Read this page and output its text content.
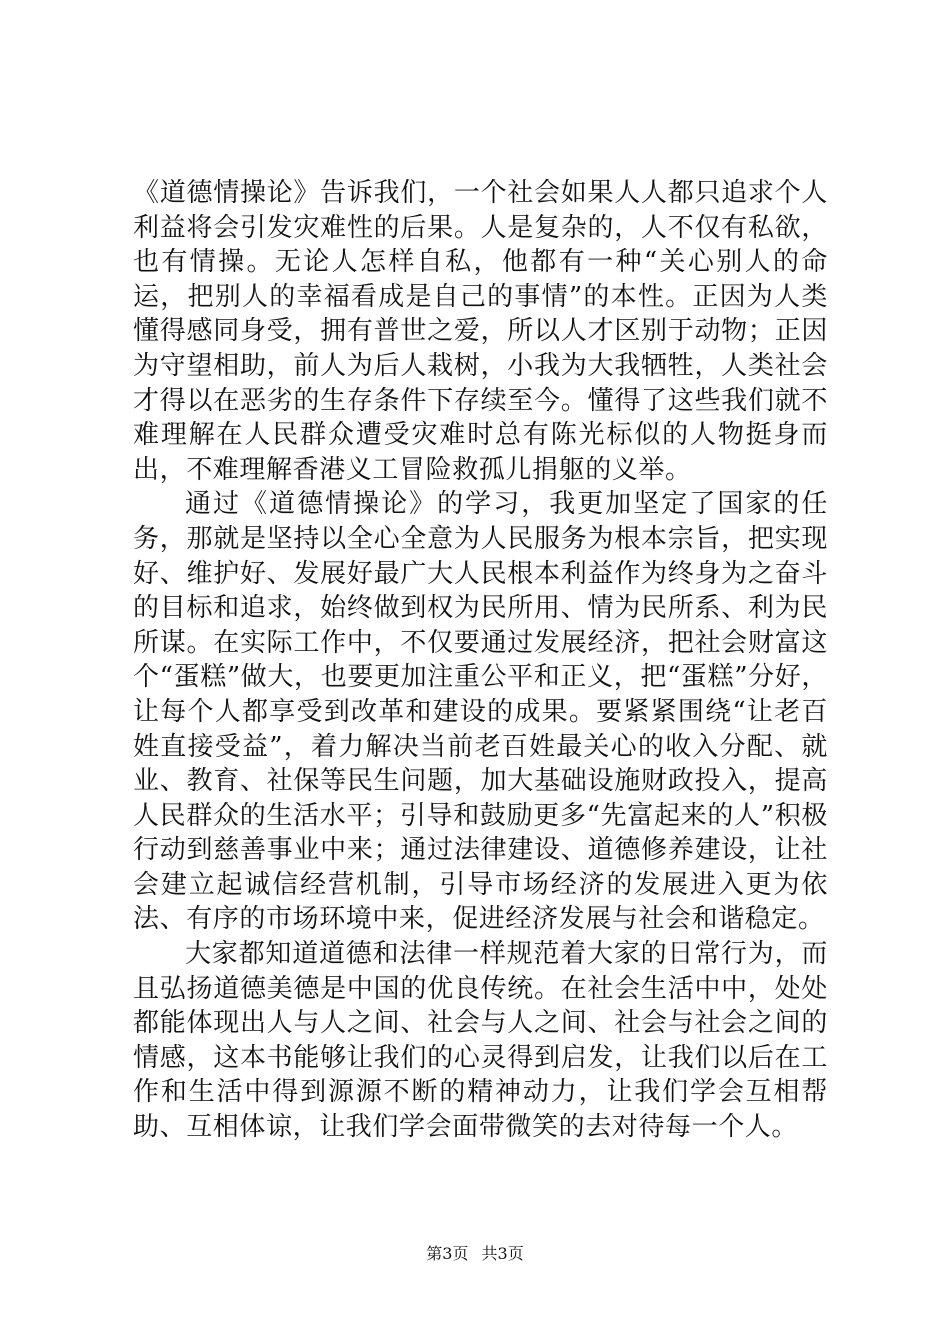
《道德情操论》告诉我们，一个社会如果人人都只追求个人利益将会引发灾难性的后果。人是复杂的，人不仅有私欲，也有情操。无论人怎样自私，他都有一种“关心别人的命运，把别人的幸福看成是自己的事情”的本性。正因为人类懂得感同身受，拥有普世之爱，所以人才区别于动物；正因为守望相助，前人为后人栽树，小我为大我牺牲，人类社会才得以在恶劣的生存条件下存续至今。懂得了这些我们就不难理解在人民群众遭受灾难时总有陈光标似的人物挺身而出，不难理解香港义工冒险救孤儿捐躯的义举。

通过《道德情操论》的学习，我更加坚定了国家的任务，那就是坚持以全心全意为人民服务为根本宗旨，把实现好、维护好、发展好最广大人民根本利益作为终身为之奋斗的目标和追求，始终做到权为民所用、情为民所系、利为民所谋。在实际工作中，不仅要通过发展经济，把社会财富这个“蛋糕”做大，也要更加注重公平和正义，把“蛋糕”分好，让每个人都享受到改革和建设的成果。要紧紧围绕“让老百姓直接受益”，着力解决当前老百姓最关心的收入分配、就业、教育、社保等民生问题，加大基础设施财政投入，提高人民群众的生活水平；引导和鼓励更多“先富起来的人”积极行动到慈善事业中来；通过法律建设、道德修养建设，让社会建立起诚信经营机制，引导市场经济的发展进入更为依法、有序的市场环境中来，促进经济发展与社会和谐稳定。

大家都知道道德和法律一样规范着大家的日常行为，而且弘扬道德美德是中国的优良传统。在社会生活中中，处处都能体现出人与人之间、社会与人之间、社会与社会之间的情感，这本书能够让我们的心灵得到启发，让我们以后在工作和生活中得到源源不断的精神动力，让我们学会互相帮助、互相体谅，让我们学会面带微笑的去对待每一个人。

第3页 共3页
